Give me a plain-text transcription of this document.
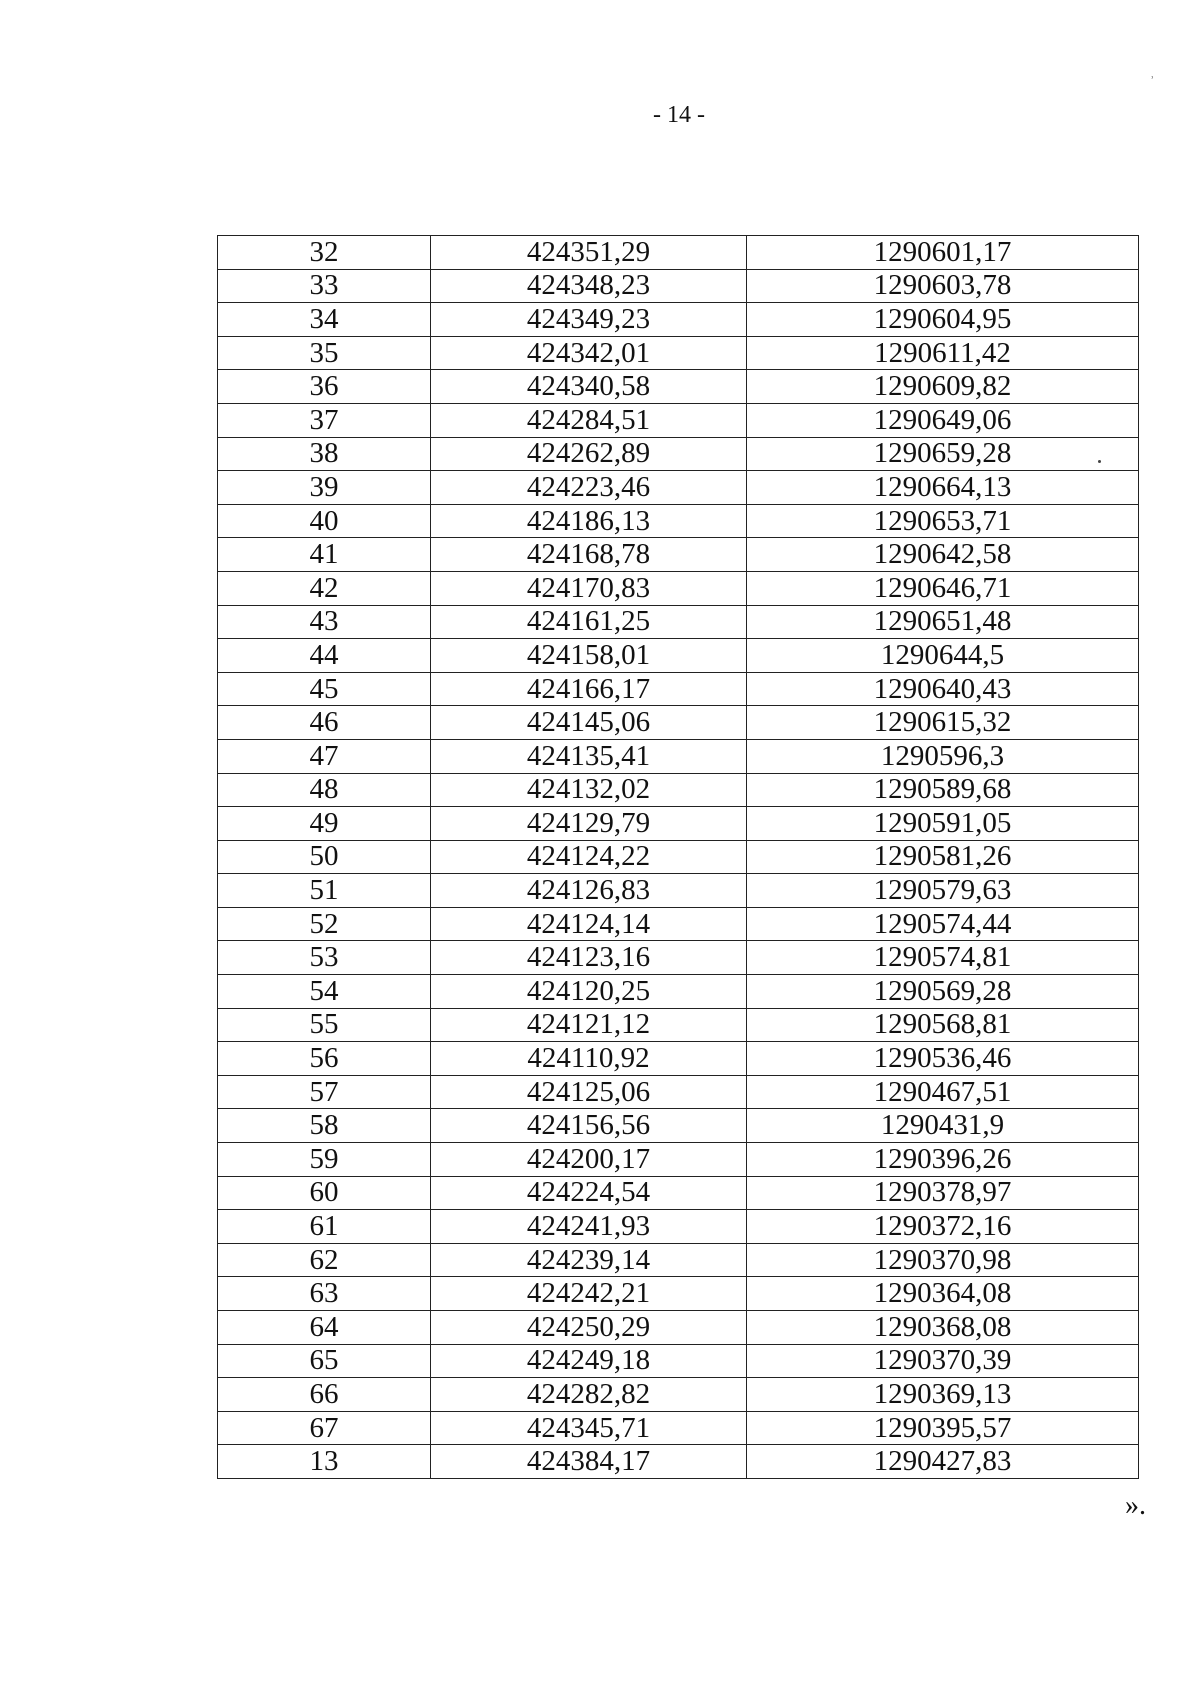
˒
- 14 -
32	424351,29	1290601,17
33	424348,23	1290603,78
34	424349,23	1290604,95
35	424342,01	1290611,42
36	424340,58	1290609,82
37	424284,51	1290649,06
38	424262,89	1290659,28
39	424223,46	1290664,13
40	424186,13	1290653,71
41	424168,78	1290642,58
42	424170,83	1290646,71
43	424161,25	1290651,48
44	424158,01	1290644,5
45	424166,17	1290640,43
46	424145,06	1290615,32
47	424135,41	1290596,3
48	424132,02	1290589,68
49	424129,79	1290591,05
50	424124,22	1290581,26
51	424126,83	1290579,63
52	424124,14	1290574,44
53	424123,16	1290574,81
54	424120,25	1290569,28
55	424121,12	1290568,81
56	424110,92	1290536,46
57	424125,06	1290467,51
58	424156,56	1290431,9
59	424200,17	1290396,26
60	424224,54	1290378,97
61	424241,93	1290372,16
62	424239,14	1290370,98
63	424242,21	1290364,08
64	424250,29	1290368,08
65	424249,18	1290370,39
66	424282,82	1290369,13
67	424345,71	1290395,57
13	424384,17	1290427,83
».
